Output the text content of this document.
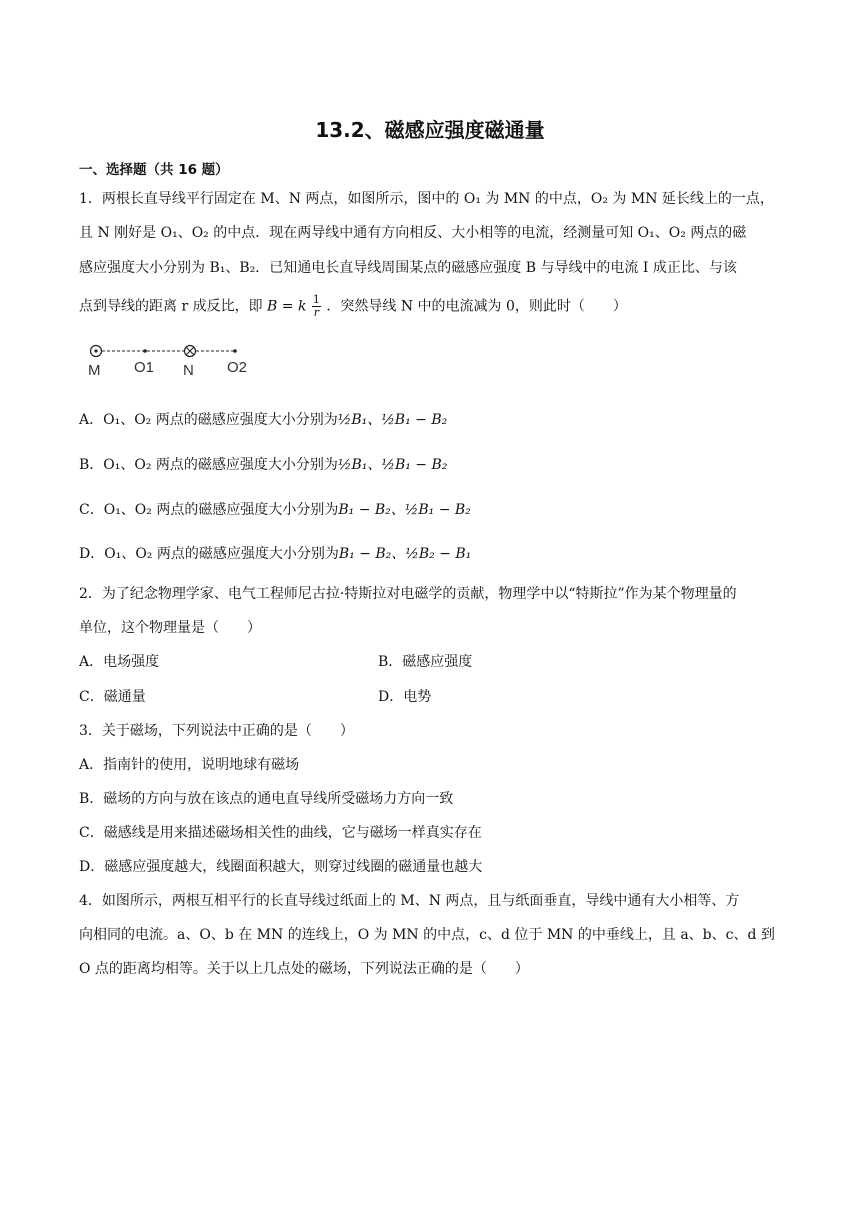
13.2、磁感应强度磁通量
一、选择题（共 16 题）
1．两根长直导线平行固定在 M、N 两点，如图所示，图中的 O₁ 为 MN 的中点，O₂ 为 MN 延长线上的一点，
且 N 刚好是 O₁、O₂ 的中点．现在两导线中通有方向相反、大小相等的电流，经测量可知 O₁、O₂ 两点的磁
感应强度大小分别为 B₁、B₂．已知通电长直导线周围某点的磁感应强度 B 与导线中的电流 I 成正比、与该
点到导线的距离 r 成反比，即 B = k $\frac{1}{r}$ ．突然导线 N 中的电流减为 0，则此时（　　）
M O1 N O2
A．O₁、O₂ 两点的磁感应强度大小分别为½B₁、½B₁ − B₂
B．O₁、O₂ 两点的磁感应强度大小分别为½B₁、½B₁ − B₂
C．O₁、O₂ 两点的磁感应强度大小分别为B₁ − B₂、½B₁ − B₂
D．O₁、O₂ 两点的磁感应强度大小分别为B₁ − B₂、½B₂ − B₁
2．为了纪念物理学家、电气工程师尼古拉·特斯拉对电磁学的贡献，物理学中以“特斯拉”作为某个物理量的
单位，这个物理量是（　　）
A．电场强度	B．磁感应强度
C．磁通量	D．电势
3．关于磁场，下列说法中正确的是（　　）
A．指南针的使用，说明地球有磁场
B．磁场的方向与放在该点的通电直导线所受磁场力方向一致
C．磁感线是用来描述磁场相关性的曲线，它与磁场一样真实存在
D．磁感应强度越大，线圈面积越大，则穿过线圈的磁通量也越大
4．如图所示，两根互相平行的长直导线过纸面上的 M、N 两点，且与纸面垂直，导线中通有大小相等、方
向相同的电流。a、O、b 在 MN 的连线上，O 为 MN 的中点，c、d 位于 MN 的中垂线上，且 a、b、c、d 到
O 点的距离均相等。关于以上几点处的磁场，下列说法正确的是（　　）
